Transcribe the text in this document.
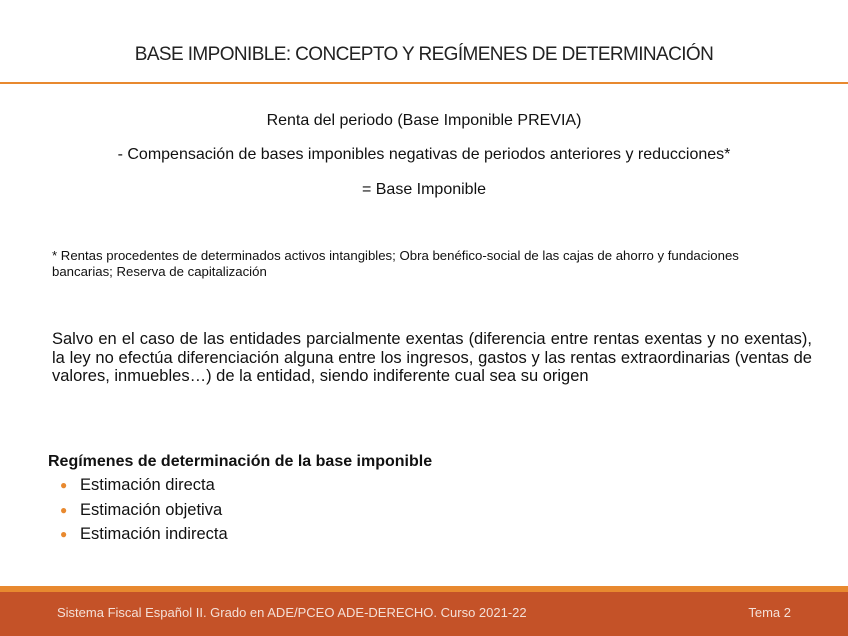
BASE IMPONIBLE: CONCEPTO Y REGÍMENES DE DETERMINACIÓN
Renta del periodo (Base Imponible PREVIA)
- Compensación de bases imponibles negativas de periodos anteriores y reducciones*
= Base Imponible
* Rentas procedentes de determinados activos intangibles; Obra benéfico-social de las cajas de ahorro y fundaciones bancarias; Reserva de capitalización
Salvo en el caso de las entidades parcialmente exentas (diferencia entre rentas exentas y no exentas), la ley no efectúa diferenciación alguna entre los ingresos, gastos y las rentas extraordinarias (ventas de valores, inmuebles…) de la entidad, siendo indiferente cual sea su origen
Regímenes de determinación de la base imponible
● Estimación directa
● Estimación objetiva
● Estimación indirecta
Sistema Fiscal Español II. Grado en ADE/PCEO ADE-DERECHO. Curso 2021-22	Tema 2
